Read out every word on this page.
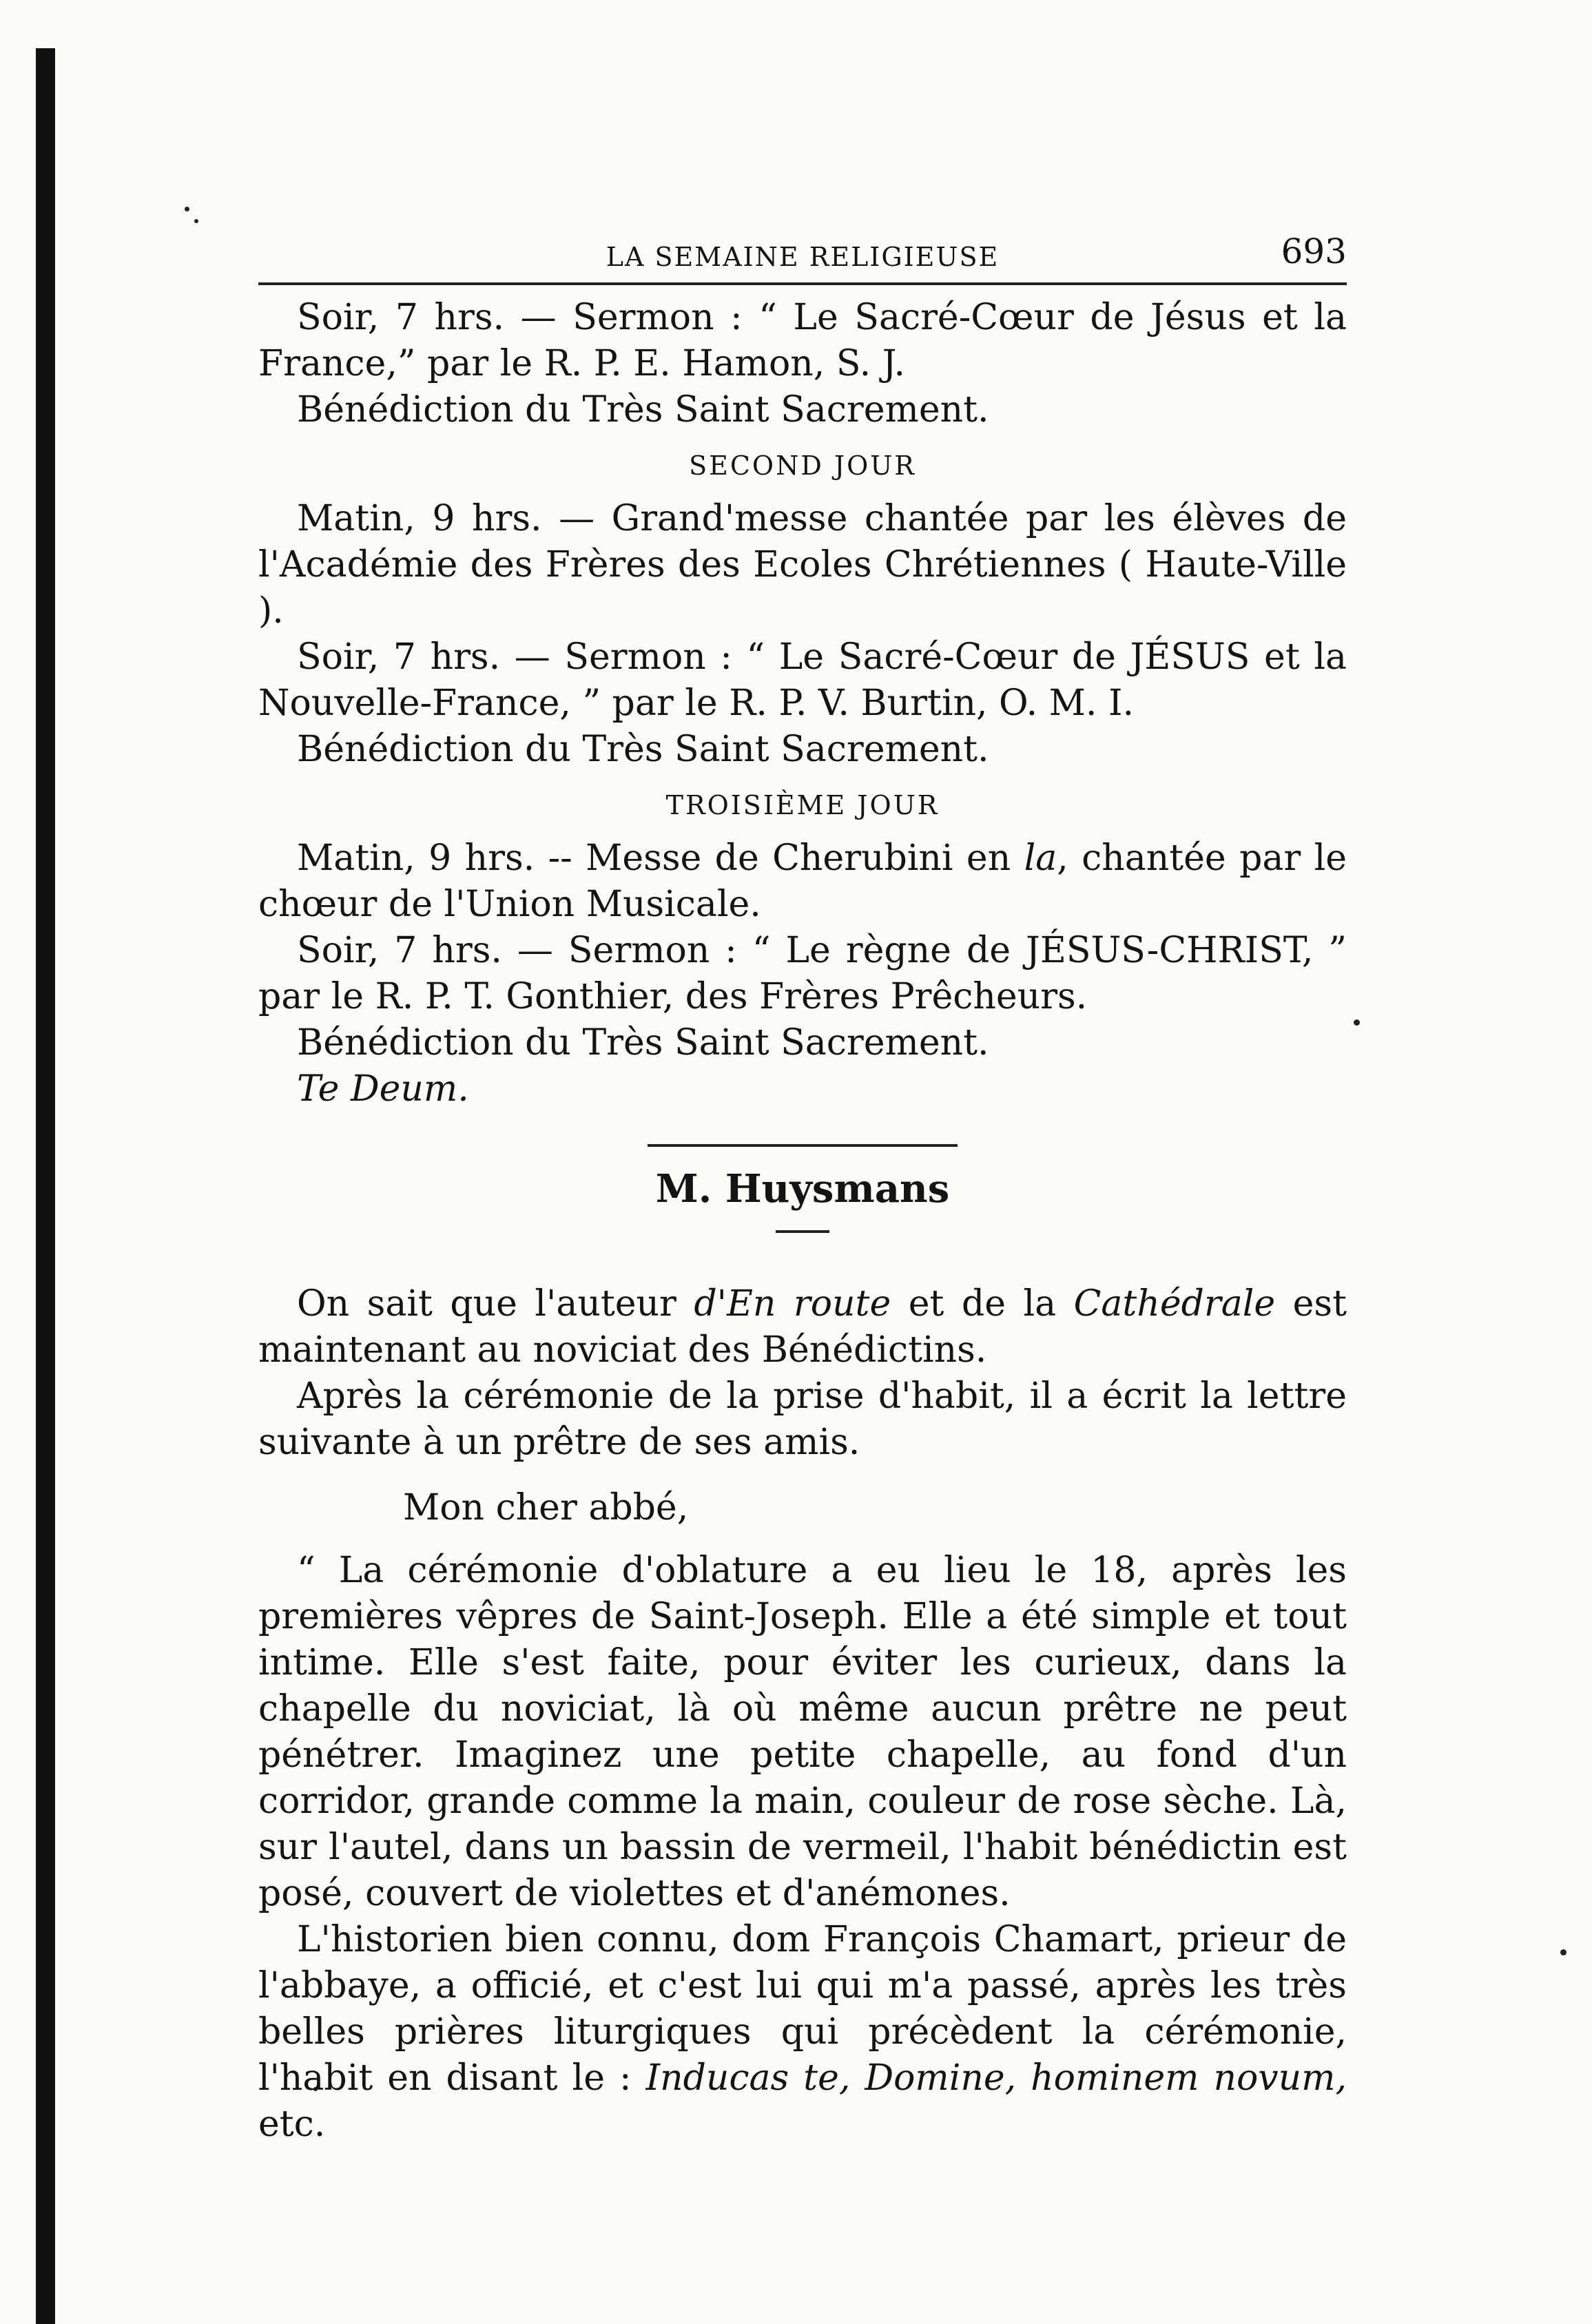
LA SEMAINE RELIGIEUSE	693

Soir, 7 hrs. — Sermon : “ Le Sacré-Cœur de Jésus et la France,” par le R. P. E. Hamon, S. J.

Bénédiction du Très Saint Sacrement.

SECOND JOUR

Matin, 9 hrs. — Grand'messe chantée par les élèves de l'Académie des Frères des Ecoles Chrétiennes ( Haute-Ville ).

Soir, 7 hrs. — Sermon : “ Le Sacré-Cœur de JÉSUS et la Nouvelle-France, ” par le R. P. V. Burtin, O. M. I.

Bénédiction du Très Saint Sacrement.

TROISIÈME JOUR

Matin, 9 hrs. -- Messe de Cherubini en la, chantée par le chœur de l'Union Musicale.

Soir, 7 hrs. — Sermon : “ Le règne de JÉSUS-CHRIST, ” par le R. P. T. Gonthier, des Frères Prêcheurs.

Bénédiction du Très Saint Sacrement.

Te Deum.

M. Huysmans

On sait que l'auteur d'En route et de la Cathédrale est maintenant au noviciat des Bénédictins.

Après la cérémonie de la prise d'habit, il a écrit la lettre suivante à un prêtre de ses amis.

Mon cher abbé,

“ La cérémonie d'oblature a eu lieu le 18, après les premières vêpres de Saint-Joseph. Elle a été simple et tout intime. Elle s'est faite, pour éviter les curieux, dans la chapelle du noviciat, là où même aucun prêtre ne peut pénétrer. Imaginez une petite chapelle, au fond d'un corridor, grande comme la main, couleur de rose sèche. Là, sur l'autel, dans un bassin de vermeil, l'habit bénédictin est posé, couvert de violettes et d'anémones.

L'historien bien connu, dom François Chamart, prieur de l'abbaye, a officié, et c'est lui qui m'a passé, après les très belles prières liturgiques qui précèdent la cérémonie, l'habit en disant le : Inducas te, Domine, hominem novum, etc.
